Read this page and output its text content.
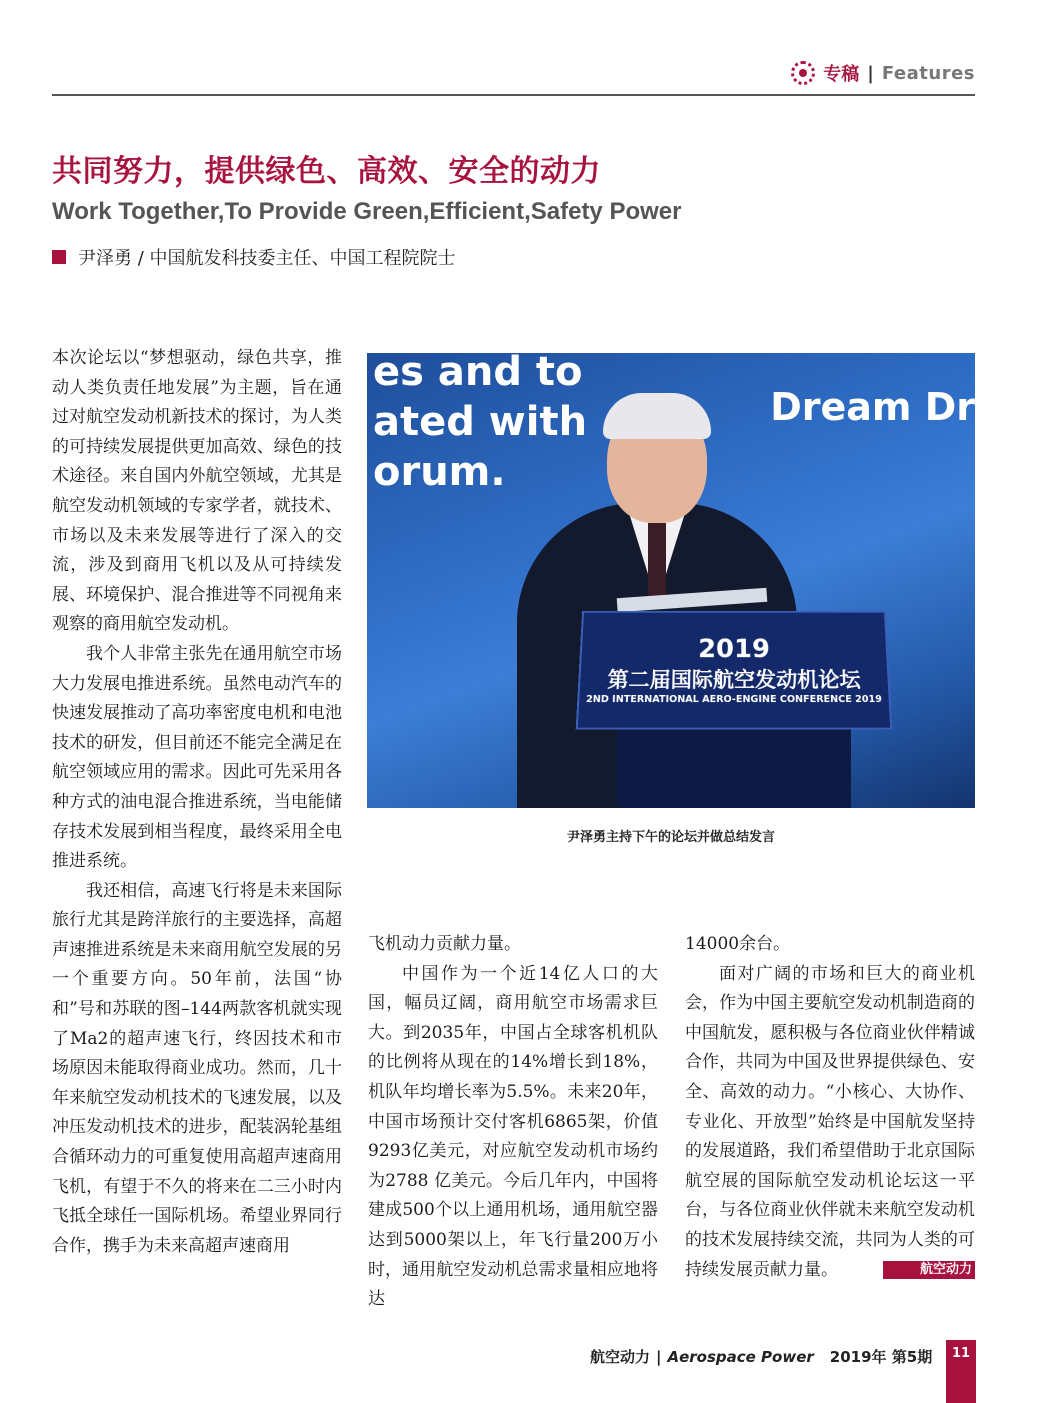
专稿 | Features
共同努力，提供绿色、高效、安全的动力
Work Together,To Provide Green,Efficient,Safety Power
尹泽勇 / 中国航发科技委主任、中国工程院院士

本次论坛以“梦想驱动，绿色共享，推动人类负责任地发展”为主题，旨在通过对航空发动机新技术的探讨，为人类的可持续发展提供更加高效、绿色的技术途径。来自国内外航空领域，尤其是航空发动机领域的专家学者，就技术、市场以及未来发展等进行了深入的交流，涉及到商用飞机以及从可持续发展、环境保护、混合推进等不同视角来观察的商用航空发动机。

我个人非常主张先在通用航空市场大力发展电推进系统。虽然电动汽车的快速发展推动了高功率密度电机和电池技术的研发，但目前还不能完全满足在航空领域应用的需求。因此可先采用各种方式的油电混合推进系统，当电能储存技术发展到相当程度，最终采用全电推进系统。

我还相信，高速飞行将是未来国际旅行尤其是跨洋旅行的主要选择，高超声速推进系统是未来商用航空发展的另一个重要方向。50年前，法国“协和”号和苏联的图–144两款客机就实现了Ma2的超声速飞行，终因技术和市场原因未能取得商业成功。然而，几十年来航空发动机技术的飞速发展，以及冲压发动机技术的进步，配装涡轮基组合循环动力的可重复使用高超声速商用飞机，有望于不久的将来在二三小时内飞抵全球任一国际机场。希望业界同行合作，携手为未来高超声速商用

es and to
ated with
orum.
Dream Dr
2019
第二届国际航空发动机论坛
2ND INTERNATIONAL AERO-ENGINE CONFERENCE 2019
尹泽勇主持下午的论坛并做总结发言

飞机动力贡献力量。

中国作为一个近14亿人口的大国，幅员辽阔，商用航空市场需求巨大。到2035年，中国占全球客机机队的比例将从现在的14%增长到18%，机队年均增长率为5.5%。未来20年，中国市场预计交付客机6865架，价值9293亿美元，对应航空发动机市场约为2788 亿美元。今后几年内，中国将建成500个以上通用机场，通用航空器达到5000架以上，年飞行量200万小时，通用航空发动机总需求量相应地将达

14000余台。

面对广阔的市场和巨大的商业机会，作为中国主要航空发动机制造商的中国航发，愿积极与各位商业伙伴精诚合作，共同为中国及世界提供绿色、安全、高效的动力。“小核心、大协作、专业化、开放型”始终是中国航发坚持的发展道路，我们希望借助于北京国际航空展的国际航空发动机论坛这一平台，与各位商业伙伴就未来航空发动机的技术发展持续交流，共同为人类的可持续发展贡献力量。	航空动力

航空动力 | Aerospace Power 2019年 第5期	11
